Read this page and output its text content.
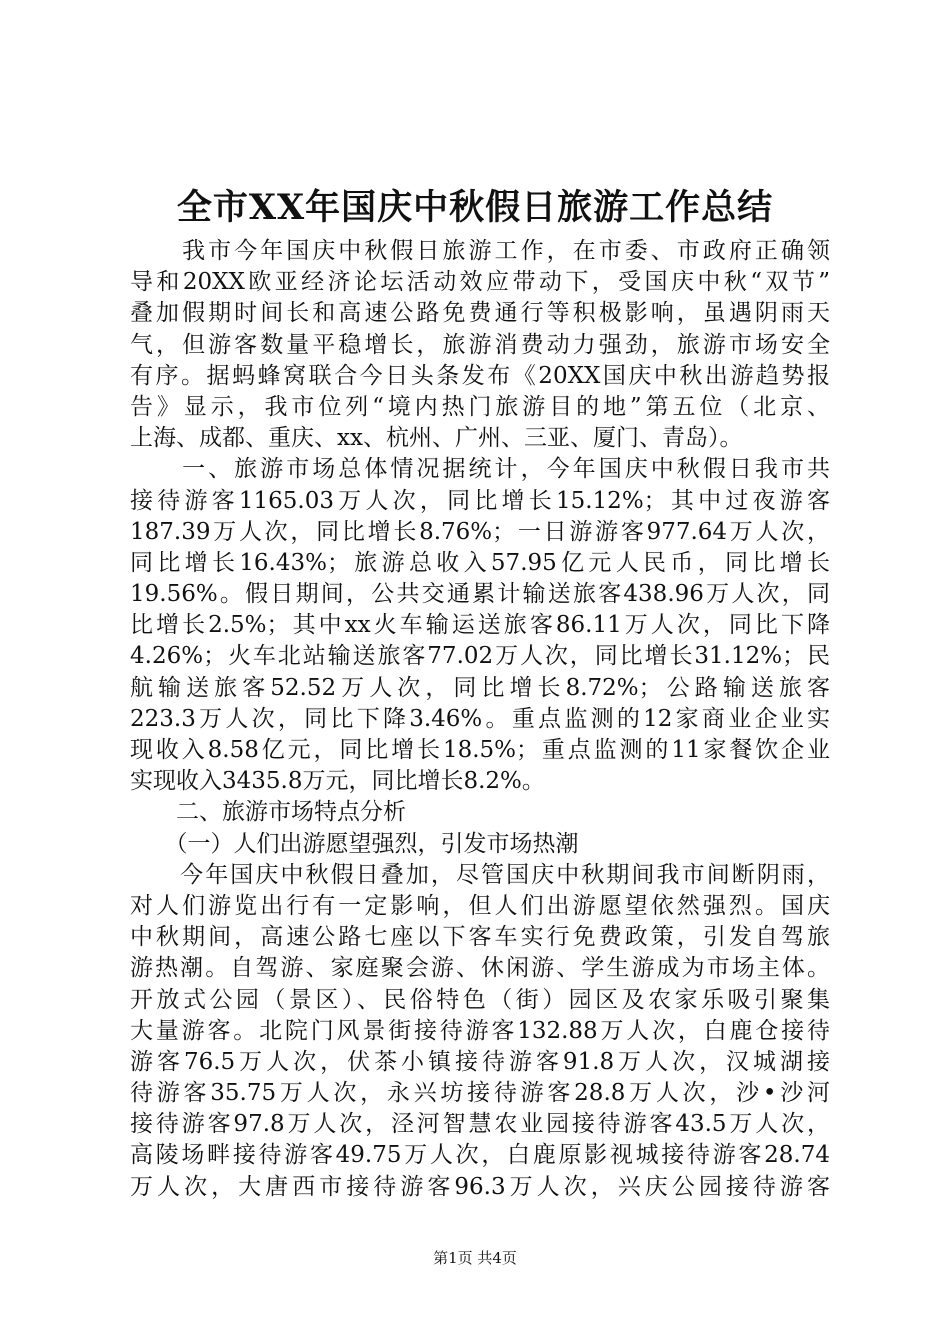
全市XX年国庆中秋假日旅游工作总结
　　我市今年国庆中秋假日旅游工作，在市委、市政府正确领
导和20XX欧亚经济论坛活动效应带动下，受国庆中秋“双节”
叠加假期时间长和高速公路免费通行等积极影响，虽遇阴雨天
气，但游客数量平稳增长，旅游消费动力强劲，旅游市场安全
有序。据蚂蜂窝联合今日头条发布《20XX国庆中秋出游趋势报
告》显示，我市位列“境内热门旅游目的地”第五位（北京、
上海、成都、重庆、xx、杭州、广州、三亚、厦门、青岛）。
　　一、旅游市场总体情况据统计，今年国庆中秋假日我市共
接待游客1165.03万人次，同比增长15.12%；其中过夜游客
187.39万人次，同比增长8.76%；一日游游客977.64万人次，
同比增长16.43%；旅游总收入57.95亿元人民币，同比增长
19.56%。假日期间，公共交通累计输送旅客438.96万人次，同
比增长2.5%；其中xx火车输运送旅客86.11万人次，同比下降
4.26%；火车北站输送旅客77.02万人次，同比增长31.12%；民
航输送旅客52.52万人次，同比增长8.72%；公路输送旅客
223.3万人次，同比下降3.46%。重点监测的12家商业企业实
现收入8.58亿元，同比增长18.5%；重点监测的11家餐饮企业
实现收入3435.8万元，同比增长8.2%。
　　二、旅游市场特点分析
　　（一）人们出游愿望强烈，引发市场热潮
　　今年国庆中秋假日叠加，尽管国庆中秋期间我市间断阴雨，
对人们游览出行有一定影响，但人们出游愿望依然强烈。国庆
中秋期间，高速公路七座以下客车实行免费政策，引发自驾旅
游热潮。自驾游、家庭聚会游、休闲游、学生游成为市场主体。
开放式公园（景区）、民俗特色（街）园区及农家乐吸引聚集
大量游客。北院门风景街接待游客132.88万人次，白鹿仓接待
游客76.5万人次，伏茶小镇接待游客91.8万人次，汉城湖接
待游客35.75万人次，永兴坊接待游客28.8万人次，沙•沙河
接待游客97.8万人次，泾河智慧农业园接待游客43.5万人次，
高陵场畔接待游客49.75万人次，白鹿原影视城接待游客28.74
万人次，大唐西市接待游客96.3万人次，兴庆公园接待游客
第1页 共4页
